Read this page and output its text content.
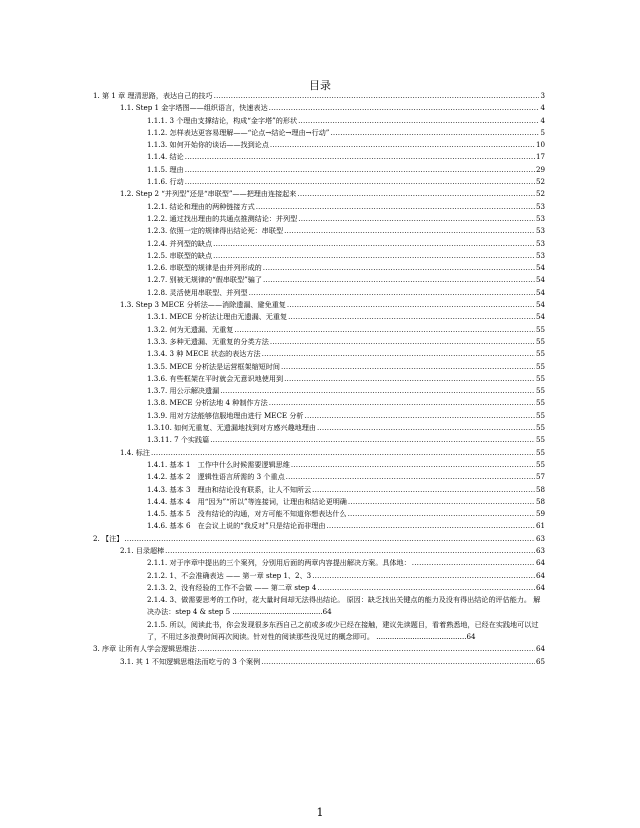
目录
1. 第 1 章 理清思路，表达自己的技巧 .....	3
1.1. Step 1 金字塔图——组织语言，快速表达 .....	4
1.1.1. 3 个理由支撑结论，构成“金字塔”的形状 .....	4
1.1.2. 怎样表达更容易理解——“论点→结论→理由→行动” .....	5
1.1.3. 如何开始你的谈话——找到论点 .....	10
1.1.4. 结论 .....	17
1.1.5. 理由 .....	29
1.1.6. 行动 .....	52
1.2. Step 2 “并列型”还是“串联型”——把理由连接起来 .....	52
1.2.1. 结论和理由的两种链接方式 .....	53
1.2.2. 通过找出理由的共通点推测结论：并列型 .....	53
1.2.3. 依照一定的规律得出结论死：串联型 .....	53
1.2.4. 并列型的缺点 .....	53
1.2.5. 串联型的缺点 .....	53
1.2.6. 串联型的规律是由并列形成的 .....	54
1.2.7. 别被无规律的“假串联型”骗了 .....	54
1.2.8. 灵活使用串联型、并列型 .....	54
1.3. Step 3 MECE 分析法——消除遗漏、避免重复 .....	54
1.3.1. MECE 分析法让理由无遗漏、无重复 .....	54
1.3.2. 何为无遗漏、无重复 .....	55
1.3.3. 多种无遗漏、无重复的分类方法 .....	55
1.3.4. 3 种 MECE 状态的表达方法 .....	55
1.3.5. MECE 分析法是运营框架缩短时间 .....	55
1.3.6. 有些框架在平时就会无意识地使用到 .....	55
1.3.7. 用公示解决遗漏 .....	55
1.3.8. MECE 分析法地 4 种制作方法 .....	55
1.3.9. 用对方法能够信服地理由进行 MECE 分析 .....	55
1.3.10. 如何无重复、无遗漏地找到对方感兴趣地理由 .....	55
1.3.11. 7 个实践篇 .....	55
1.4. 标注 .....	55
1.4.1. 基本 1　工作中什么时候需要逻辑思维 .....	55
1.4.2. 基本 2　逻辑性语言所需的 3 个重点 .....	57
1.4.3. 基本 3　理由和结论没有联系，让人不知所云 .....	58
1.4.4. 基本 4　用“因为”“所以”等连接词，让理由和结论更明确 .....	58
1.4.5. 基本 5　没有结论的沟通，对方可能不知道你想表达什么 .....	59
1.4.6. 基本 6　在会议上说的“我反对”只是结论而非理由 .....	61
2. 【注】 .....	63
2.1. 目录超棒 .....	63
2.1.1. 对于序章中提出的三个案列，分别用后面的两章内容提出解决方案。具体地： .....	64
2.1.2. 1、不会准确表达 —— 第一章 step 1、2、3 .....	64
2.1.3. 2、没有经验的工作不会做 —— 第二章 step 4 .....	64
2.1.4. 3、做需要思考的工作时，花大量时间却无法得出结论。 原因：缺乏找出关键点的能力及没有得出结论的评估能力。 解决办法：step 4 & step 5 ........................................64
2.1.5. 所以，阅读此书，你会发现很多东西自己之前或多或少已经在接触，建议先读题目，看着熟悉地，已经在实践地可以过了，不用过多浪费时间再次阅读。针对性的阅读那些没见过的概念即可。 ........................................64
3. 序章 让所有人学会逻辑思维法 .....	64
3.1. 其 1 不知逻辑思维法而吃亏的 3 个案例 .....	65
1
